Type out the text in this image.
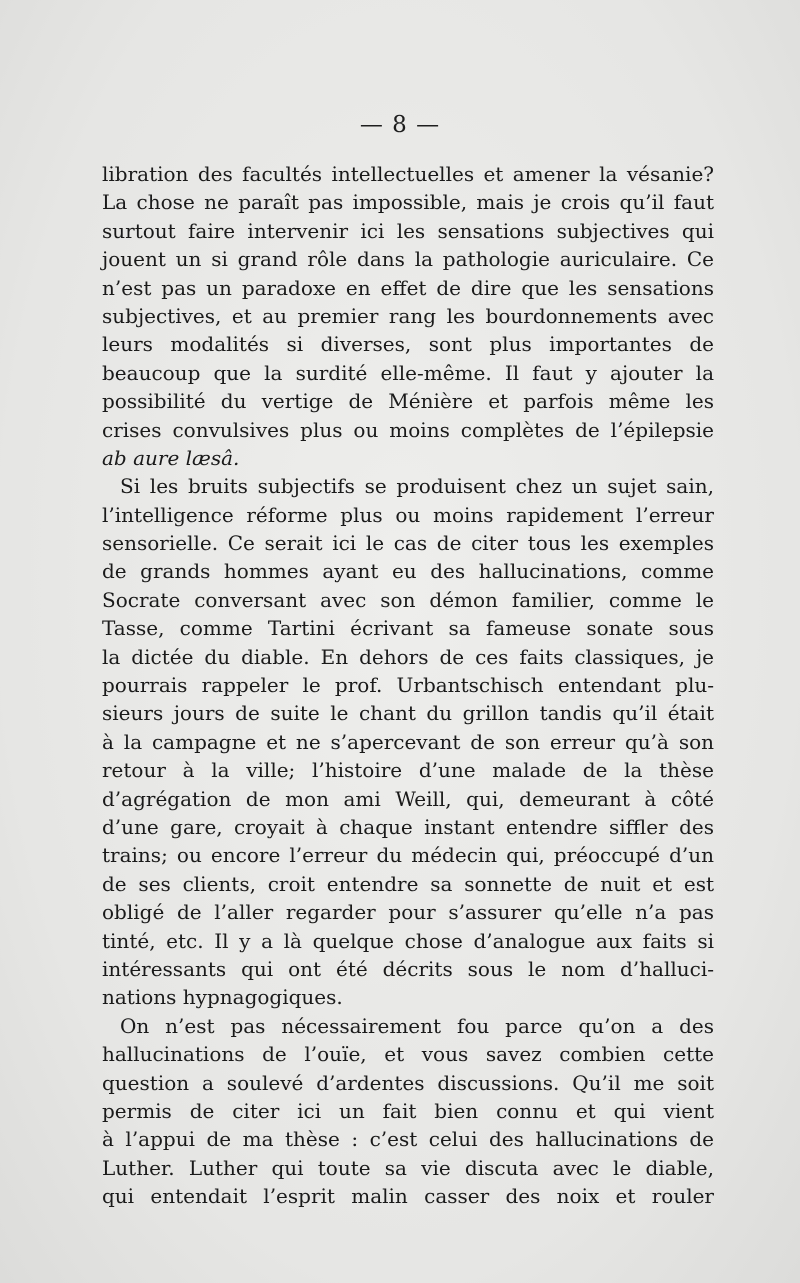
— 8 —
libration des facultés intellectuelles et amener la vésanie?
La chose ne paraît pas impossible, mais je crois qu’il faut
surtout faire intervenir ici les sensations subjectives qui
jouent un si grand rôle dans la pathologie auriculaire. Ce
n’est pas un paradoxe en effet de dire que les sensations
subjectives, et au premier rang les bourdonnements avec
leurs modalités si diverses, sont plus importantes de
beaucoup que la surdité elle-même. Il faut y ajouter la
possibilité du vertige de Ménière et parfois même les
crises convulsives plus ou moins complètes de l’épilepsie
ab aure læsâ.
Si les bruits subjectifs se produisent chez un sujet sain,
l’intelligence réforme plus ou moins rapidement l’erreur
sensorielle. Ce serait ici le cas de citer tous les exemples
de grands hommes ayant eu des hallucinations, comme
Socrate conversant avec son démon familier, comme le
Tasse, comme Tartini écrivant sa fameuse sonate sous
la dictée du diable. En dehors de ces faits classiques, je
pourrais rappeler le prof. Urbantschisch entendant plu-
sieurs jours de suite le chant du grillon tandis qu’il était
à la campagne et ne s’apercevant de son erreur qu’à son
retour à la ville; l’histoire d’une malade de la thèse
d’agrégation de mon ami Weill, qui, demeurant à côté
d’une gare, croyait à chaque instant entendre siffler des
trains; ou encore l’erreur du médecin qui, préoccupé d’un
de ses clients, croit entendre sa sonnette de nuit et est
obligé de l’aller regarder pour s’assurer qu’elle n’a pas
tinté, etc. Il y a là quelque chose d’analogue aux faits si
intéressants qui ont été décrits sous le nom d’halluci-
nations hypnagogiques.
On n’est pas nécessairement fou parce qu’on a des
hallucinations de l’ouïe, et vous savez combien cette
question a soulevé d’ardentes discussions. Qu’il me soit
permis de citer ici un fait bien connu et qui vient
à l’appui de ma thèse : c’est celui des hallucinations de
Luther. Luther qui toute sa vie discuta avec le diable,
qui entendait l’esprit malin casser des noix et rouler
